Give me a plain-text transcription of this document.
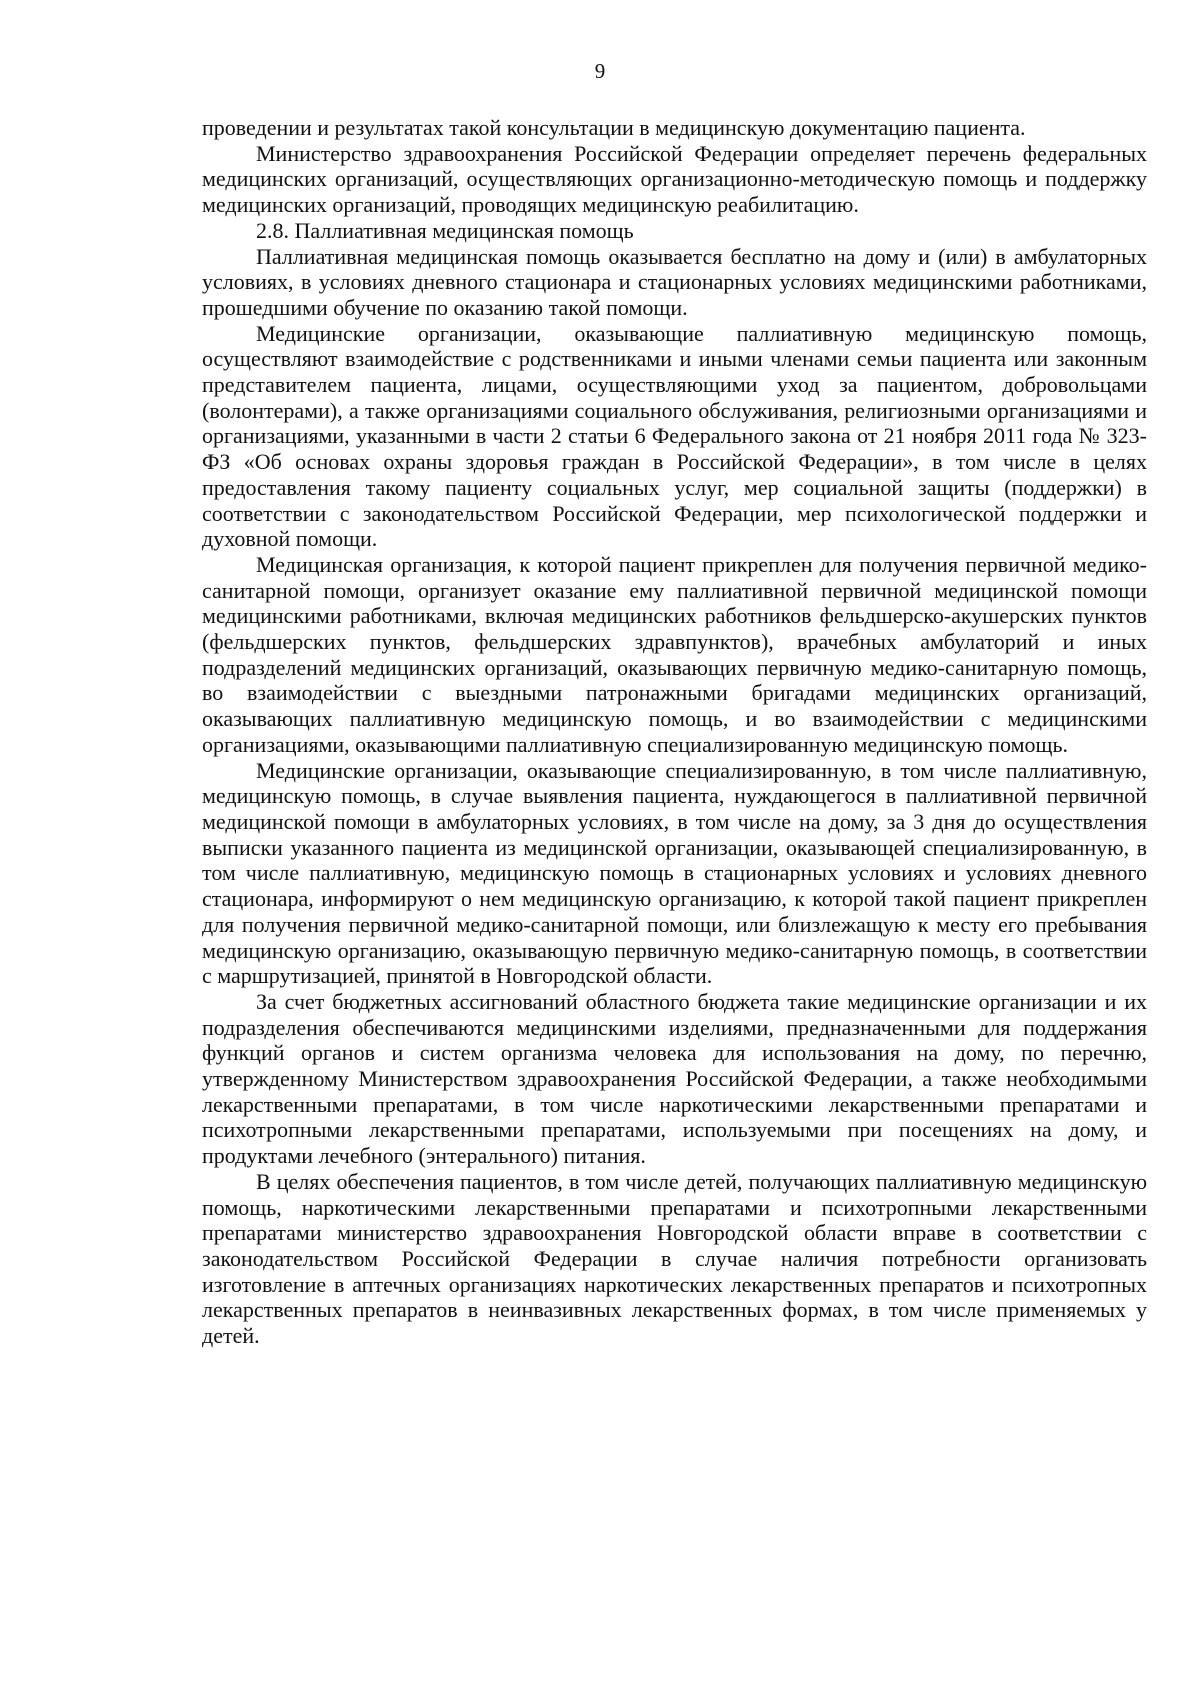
9

проведении и результатах такой консультации в медицинскую документацию пациента.

Министерство здравоохранения Российской Федерации определяет перечень федеральных медицинских организаций, осуществляющих организационно-методическую помощь и поддержку медицинских организаций, проводящих медицинскую реабилитацию.

2.8. Паллиативная медицинская помощь

Паллиативная медицинская помощь оказывается бесплатно на дому и (или) в амбулаторных условиях, в условиях дневного стационара и стационарных условиях медицинскими работниками, прошедшими обучение по оказанию такой помощи.

Медицинские организации, оказывающие паллиативную медицинскую помощь, осуществляют взаимодействие с родственниками и иными членами семьи пациента или законным представителем пациента, лицами, осуществляющими уход за пациентом, добровольцами (волонтерами), а также организациями социального обслуживания, религиозными организациями и организациями, указанными в части 2 статьи 6 Федерального закона от 21 ноября 2011 года № 323-ФЗ «Об основах охраны здоровья граждан в Российской Федерации», в том числе в целях предоставления такому пациенту социальных услуг, мер социальной защиты (поддержки) в соответствии с законодательством Российской Федерации, мер психологической поддержки и духовной помощи.

Медицинская организация, к которой пациент прикреплен для получения первичной медико-санитарной помощи, организует оказание ему паллиативной первичной медицинской помощи медицинскими работниками, включая медицинских работников фельдшерско-акушерских пунктов (фельдшерских пунктов, фельдшерских здравпунктов), врачебных амбулаторий и иных подразделений медицинских организаций, оказывающих первичную медико-санитарную помощь, во взаимодействии с выездными патронажными бригадами медицинских организаций, оказывающих паллиативную медицинскую помощь, и во взаимодействии с медицинскими организациями, оказывающими паллиативную специализированную медицинскую помощь.

Медицинские организации, оказывающие специализированную, в том числе паллиативную, медицинскую помощь, в случае выявления пациента, нуждающегося в паллиативной первичной медицинской помощи в амбулаторных условиях, в том числе на дому, за 3 дня до осуществления выписки указанного пациента из медицинской организации, оказывающей специализированную, в том числе паллиативную, медицинскую помощь в стационарных условиях и условиях дневного стационара, информируют о нем медицинскую организацию, к которой такой пациент прикреплен для получения первичной медико-санитарной помощи, или близлежащую к месту его пребывания медицинскую организацию, оказывающую первичную медико-санитарную помощь, в соответствии с маршрутизацией, принятой в Новгородской области.

За счет бюджетных ассигнований областного бюджета такие медицинские организации и их подразделения обеспечиваются медицинскими изделиями, предназначенными для поддержания функций органов и систем организма человека для использования на дому, по перечню, утвержденному Министерством здравоохранения Российской Федерации, а также необходимыми лекарственными препаратами, в том числе наркотическими лекарственными препаратами и психотропными лекарственными препаратами, используемыми при посещениях на дому, и продуктами лечебного (энтерального) питания.

В целях обеспечения пациентов, в том числе детей, получающих паллиативную медицинскую помощь, наркотическими лекарственными препаратами и психотропными лекарственными препаратами министерство здравоохранения Новгородской области вправе в соответствии с законодательством Российской Федерации в случае наличия потребности организовать изготовление в аптечных организациях наркотических лекарственных препаратов и психотропных лекарственных препаратов в неинвазивных лекарственных формах, в том числе применяемых у детей.
